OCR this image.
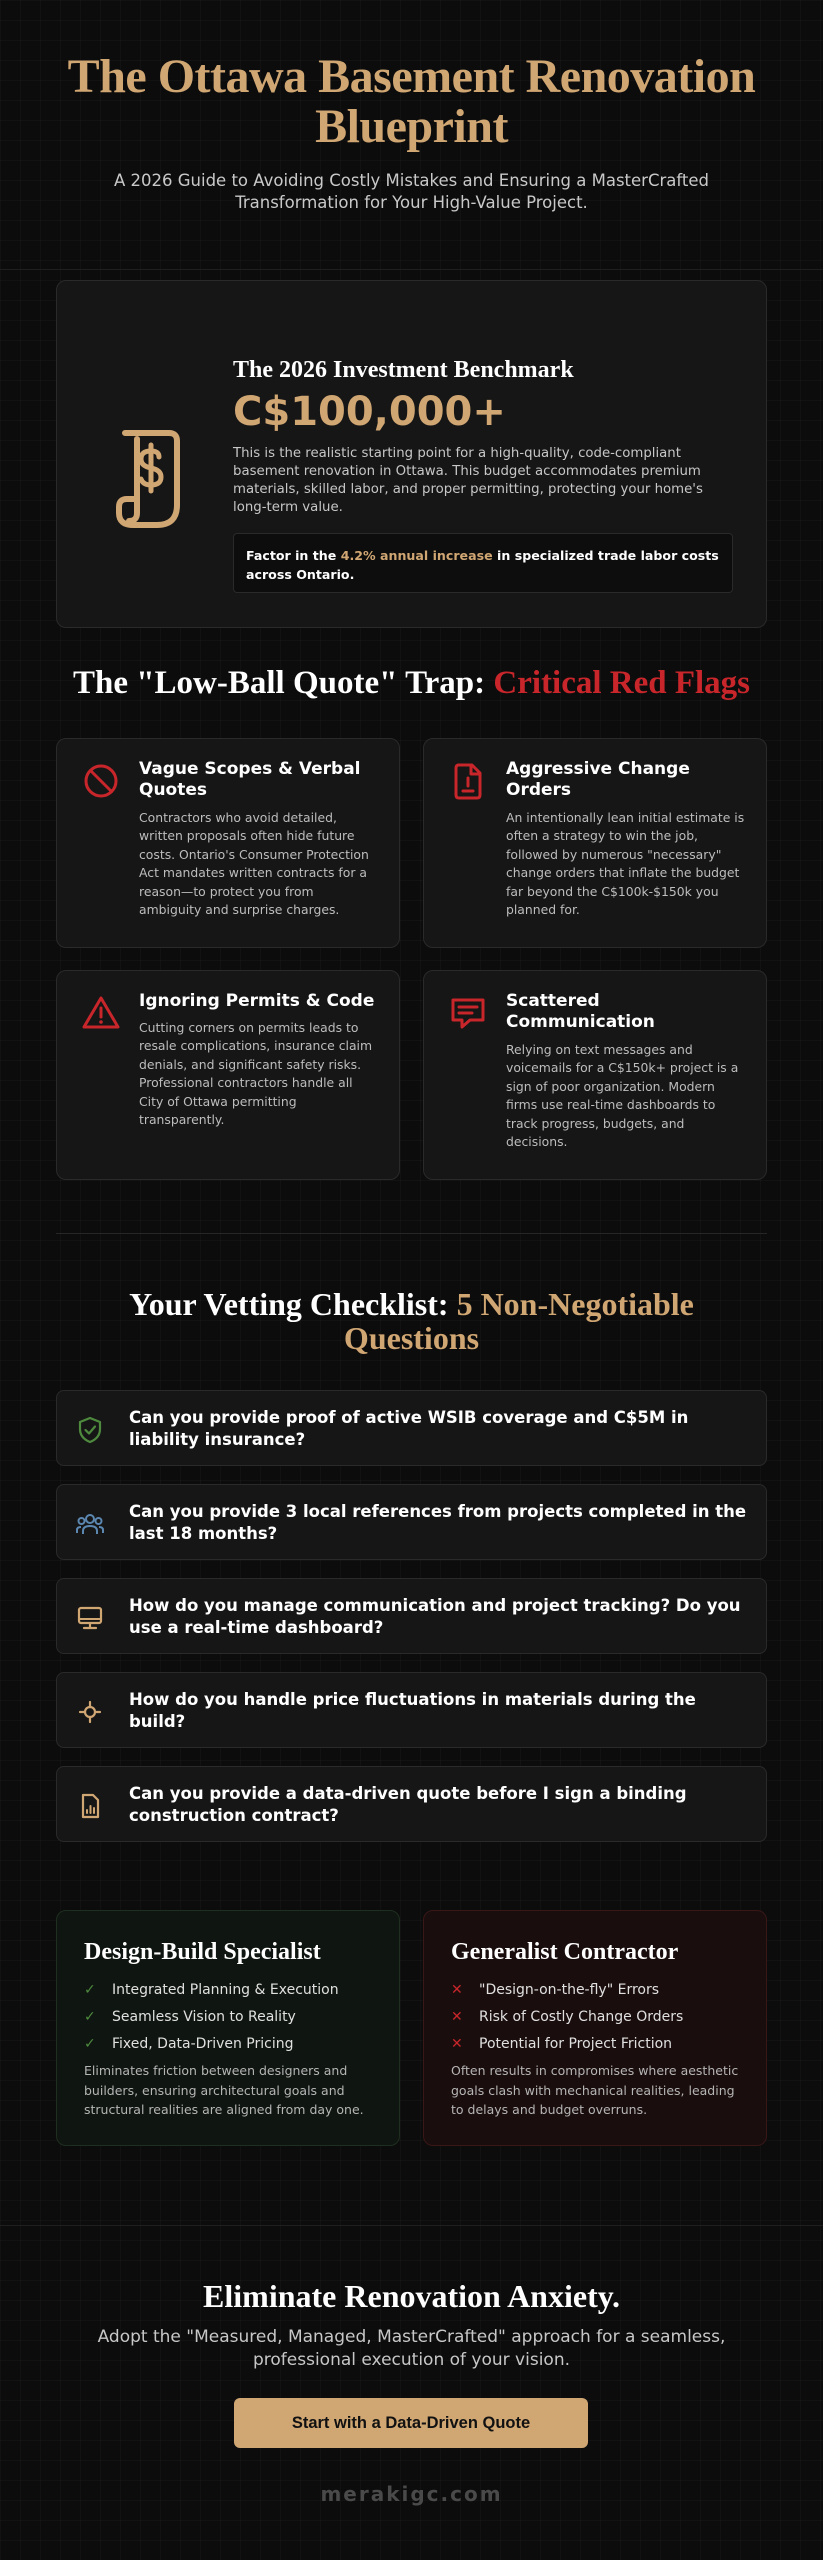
The Ottawa Basement Renovation Blueprint

A 2026 Guide to Avoiding Costly Mistakes and Ensuring a MasterCrafted Transformation for Your High-Value Project.

The 2026 Investment Benchmark
C$100,000+

This is the realistic starting point for a high-quality, code-compliant basement renovation in Ottawa. This budget accommodates premium materials, skilled labor, and proper permitting, protecting your home's long-term value.

Factor in the 4.2% annual increase in specialized trade labor costs across Ontario.
The "Low-Ball Quote" Trap: Critical Red Flags
Vague Scopes & Verbal Quotes

Contractors who avoid detailed, written proposals often hide future costs. Ontario's Consumer Protection Act mandates written contracts for a reason—to protect you from ambiguity and surprise charges.

Aggressive Change Orders

An intentionally lean initial estimate is often a strategy to win the job, followed by numerous "necessary" change orders that inflate the budget far beyond the C$100k-$150k you planned for.

Ignoring Permits & Code

Cutting corners on permits leads to resale complications, insurance claim denials, and significant safety risks. Professional contractors handle all City of Ottawa permitting transparently.

Scattered Communication

Relying on text messages and voicemails for a C$150k+ project is a sign of poor organization. Modern firms use real-time dashboards to track progress, budgets, and decisions.

Your Vetting Checklist: 5 Non-Negotiable Questions
Can you provide proof of active WSIB coverage and C$5M in liability insurance?
Can you provide 3 local references from projects completed in the last 18 months?
How do you manage communication and project tracking? Do you use a real-time dashboard?
How do you handle price fluctuations in materials during the build?
Can you provide a data-driven quote before I sign a binding construction contract?
Design-Build Specialist
✓ Integrated Planning & Execution
✓ Seamless Vision to Reality
✓ Fixed, Data-Driven Pricing

Eliminates friction between designers and builders, ensuring architectural goals and structural realities are aligned from day one.

Generalist Contractor
✕ "Design-on-the-fly" Errors
✕ Risk of Costly Change Orders
✕ Potential for Project Friction

Often results in compromises where aesthetic goals clash with mechanical realities, leading to delays and budget overruns.

Eliminate Renovation Anxiety.

Adopt the "Measured, Managed, MasterCrafted" approach for a seamless, professional execution of your vision.

Start with a Data-Driven Quote
merakigc.com
